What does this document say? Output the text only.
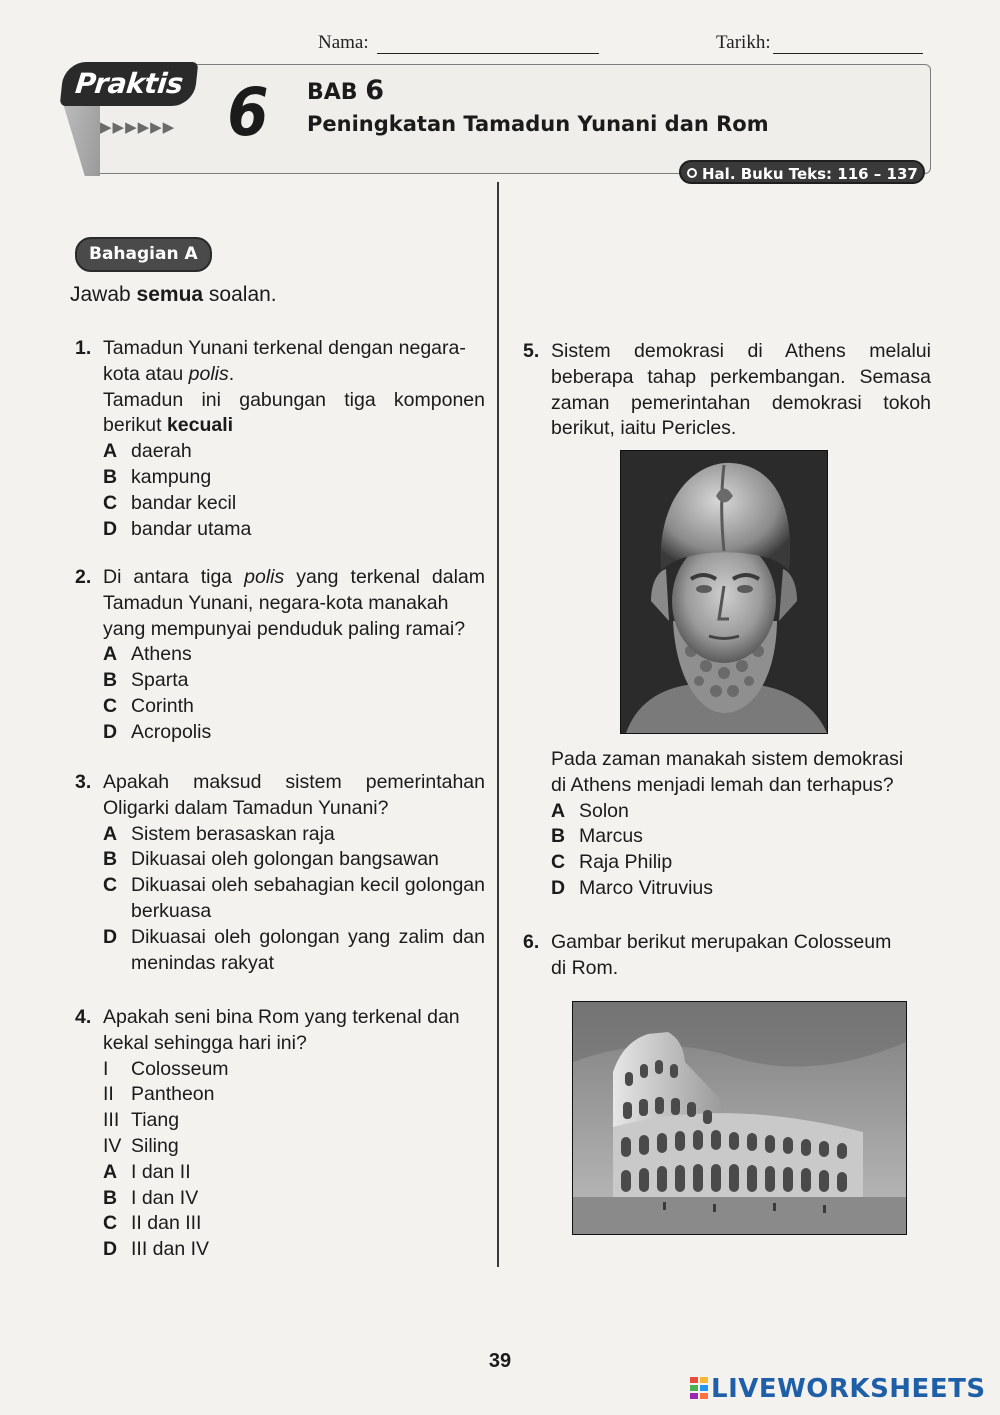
Nama:	Tarikh:
Praktis
▶▶▶▶▶▶ 6 BAB 6
Peningkatan Tamadun Yunani dan Rom
Hal. Buku Teks: 116 – 137
Bahagian A
Jawab semua soalan.
1. Tamadun Yunani terkenal dengan negara-
kota atau polis.
Tamadun ini gabungan tiga komponen
berikut kecuali
A daerah
B kampung
C bandar kecil
D bandar utama
2. Di antara tiga polis yang terkenal dalam
Tamadun Yunani, negara-kota manakah
yang mempunyai penduduk paling ramai?
A Athens
B Sparta
C Corinth
D Acropolis
3. Apakah maksud sistem pemerintahan
Oligarki dalam Tamadun Yunani?
A Sistem berasaskan raja
B Dikuasai oleh golongan bangsawan
C Dikuasai oleh sebahagian kecil golongan berkuasa
D Dikuasai oleh golongan yang zalim dan menindas rakyat
4. Apakah seni bina Rom yang terkenal dan
kekal sehingga hari ini?
I Colosseum
II Pantheon
III Tiang
IV Siling
A I dan II
B I dan IV
C II dan III
D III dan IV
5. Sistem demokrasi di Athens melalui
beberapa tahap perkembangan. Semasa
zaman pemerintahan demokrasi tokoh
berikut, iaitu Pericles.
Pada zaman manakah sistem demokrasi
di Athens menjadi lemah dan terhapus?
A Solon
B Marcus
C Raja Philip
D Marco Vitruvius
6. Gambar berikut merupakan Colosseum
di Rom.
39
LIVEWORKSHEETS
